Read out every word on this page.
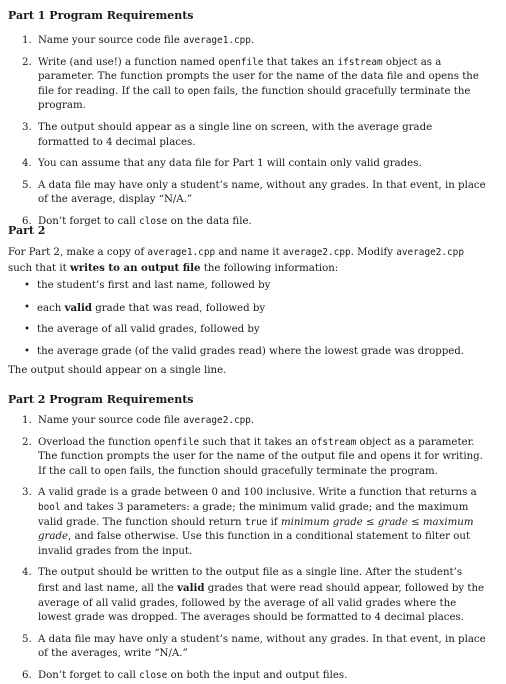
Part 1 Program Requirements

1. Name your source code file average1.cpp.
2. Write (and use!) a function named openfile that takes an ifstream object as a parameter. The function prompts the user for the name of the data file and opens the file for reading. If the call to open fails, the function should gracefully terminate the program.
3. The output should appear as a single line on screen, with the average grade formatted to 4 decimal places.
4. You can assume that any data file for Part 1 will contain only valid grades.
5. A data file may have only a student’s name, without any grades. In that event, in place of the average, display “N/A.”
6. Don’t forget to call close on the data file.

Part 2

For Part 2, make a copy of average1.cpp and name it average2.cpp. Modify average2.cpp such that it writes to an output file the following information:

• the student’s first and last name, followed by
• each valid grade that was read, followed by
• the average of all valid grades, followed by
• the average grade (of the valid grades read) where the lowest grade was dropped.

The output should appear on a single line.

Part 2 Program Requirements

1. Name your source code file average2.cpp.
2. Overload the function openfile such that it takes an ofstream object as a parameter. The function prompts the user for the name of the output file and opens it for writing. If the call to open fails, the function should gracefully terminate the program.
3. A valid grade is a grade between 0 and 100 inclusive. Write a function that returns a bool and takes 3 parameters: a grade; the minimum valid grade; and the maximum valid grade. The function should return true if minimum grade ≤ grade ≤ maximum grade, and false otherwise. Use this function in a conditional statement to filter out invalid grades from the input.
4. The output should be written to the output file as a single line. After the student’s first and last name, all the valid grades that were read should appear, followed by the average of all valid grades, followed by the average of all valid grades where the lowest grade was dropped. The averages should be formatted to 4 decimal places.
5. A data file may have only a student’s name, without any grades. In that event, in place of the averages, write “N/A.”
6. Don’t forget to call close on both the input and output files.
